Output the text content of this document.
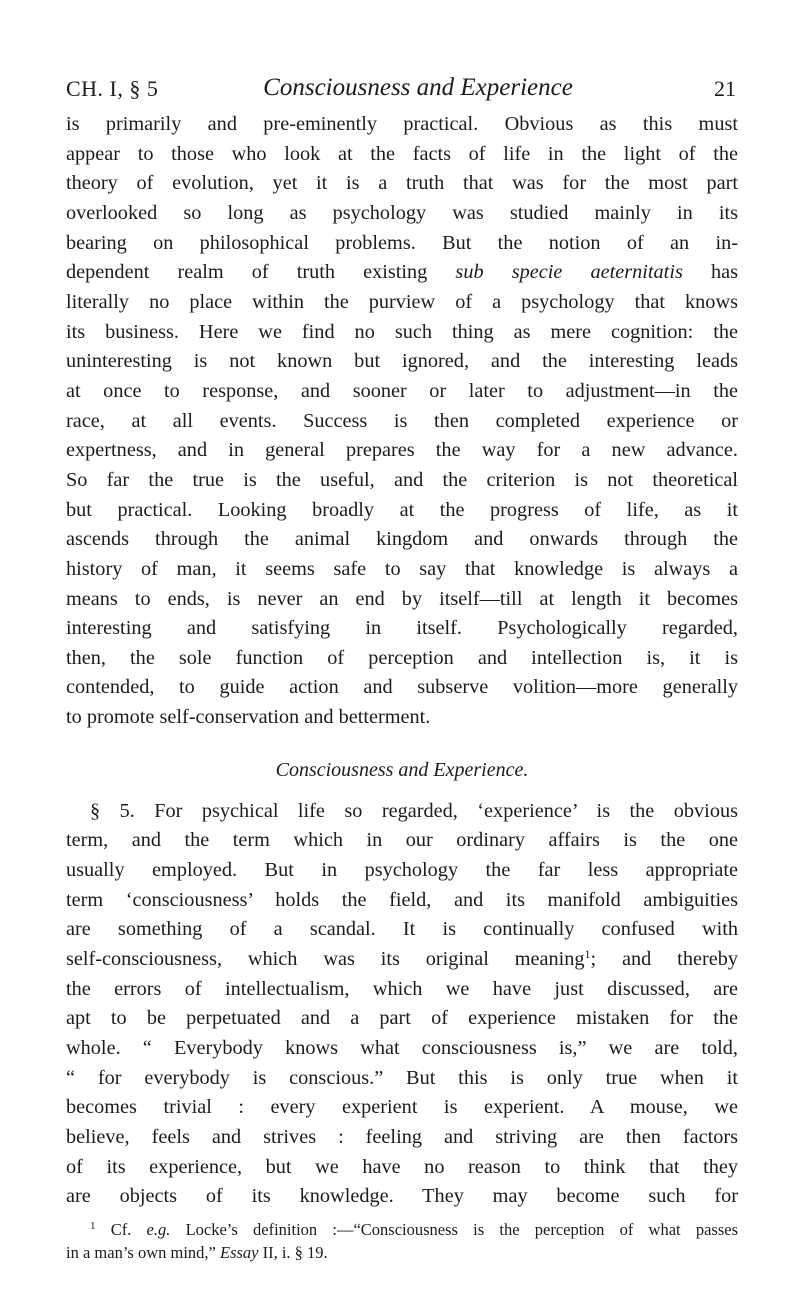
CH. I, § 5	Consciousness and Experience	21
is primarily and pre-eminently practical. Obvious as this must
appear to those who look at the facts of life in the light of the
theory of evolution, yet it is a truth that was for the most part
overlooked so long as psychology was studied mainly in its
bearing on philosophical problems. But the notion of an in-
dependent realm of truth existing sub specie aeternitatis has
literally no place within the purview of a psychology that knows
its business. Here we find no such thing as mere cognition: the
uninteresting is not known but ignored, and the interesting leads
at once to response, and sooner or later to adjustment—in the
race, at all events. Success is then completed experience or
expertness, and in general prepares the way for a new advance.
So far the true is the useful, and the criterion is not theoretical
but practical. Looking broadly at the progress of life, as it
ascends through the animal kingdom and onwards through the
history of man, it seems safe to say that knowledge is always a
means to ends, is never an end by itself—till at length it becomes
interesting and satisfying in itself. Psychologically regarded,
then, the sole function of perception and intellection is, it is
contended, to guide action and subserve volition—more generally
to promote self-conservation and betterment.
Consciousness and Experience.
§ 5. For psychical life so regarded, ‘experience’ is the obvious
term, and the term which in our ordinary affairs is the one
usually employed. But in psychology the far less appropriate
term ‘consciousness’ holds the field, and its manifold ambiguities
are something of a scandal. It is continually confused with
self-consciousness, which was its original meaning$^1$; and thereby
the errors of intellectualism, which we have just discussed, are
apt to be perpetuated and a part of experience mistaken for the
whole. “ Everybody knows what consciousness is,” we are told,
“ for everybody is conscious.” But this is only true when it
becomes trivial : every experient is experient. A mouse, we
believe, feels and strives : feeling and striving are then factors
of its experience, but we have no reason to think that they
are objects of its knowledge. They may become such for
$^1$ Cf. e.g. Locke’s definition :—“Consciousness is the perception of what passes
in a man’s own mind,” Essay II, i. § 19.
